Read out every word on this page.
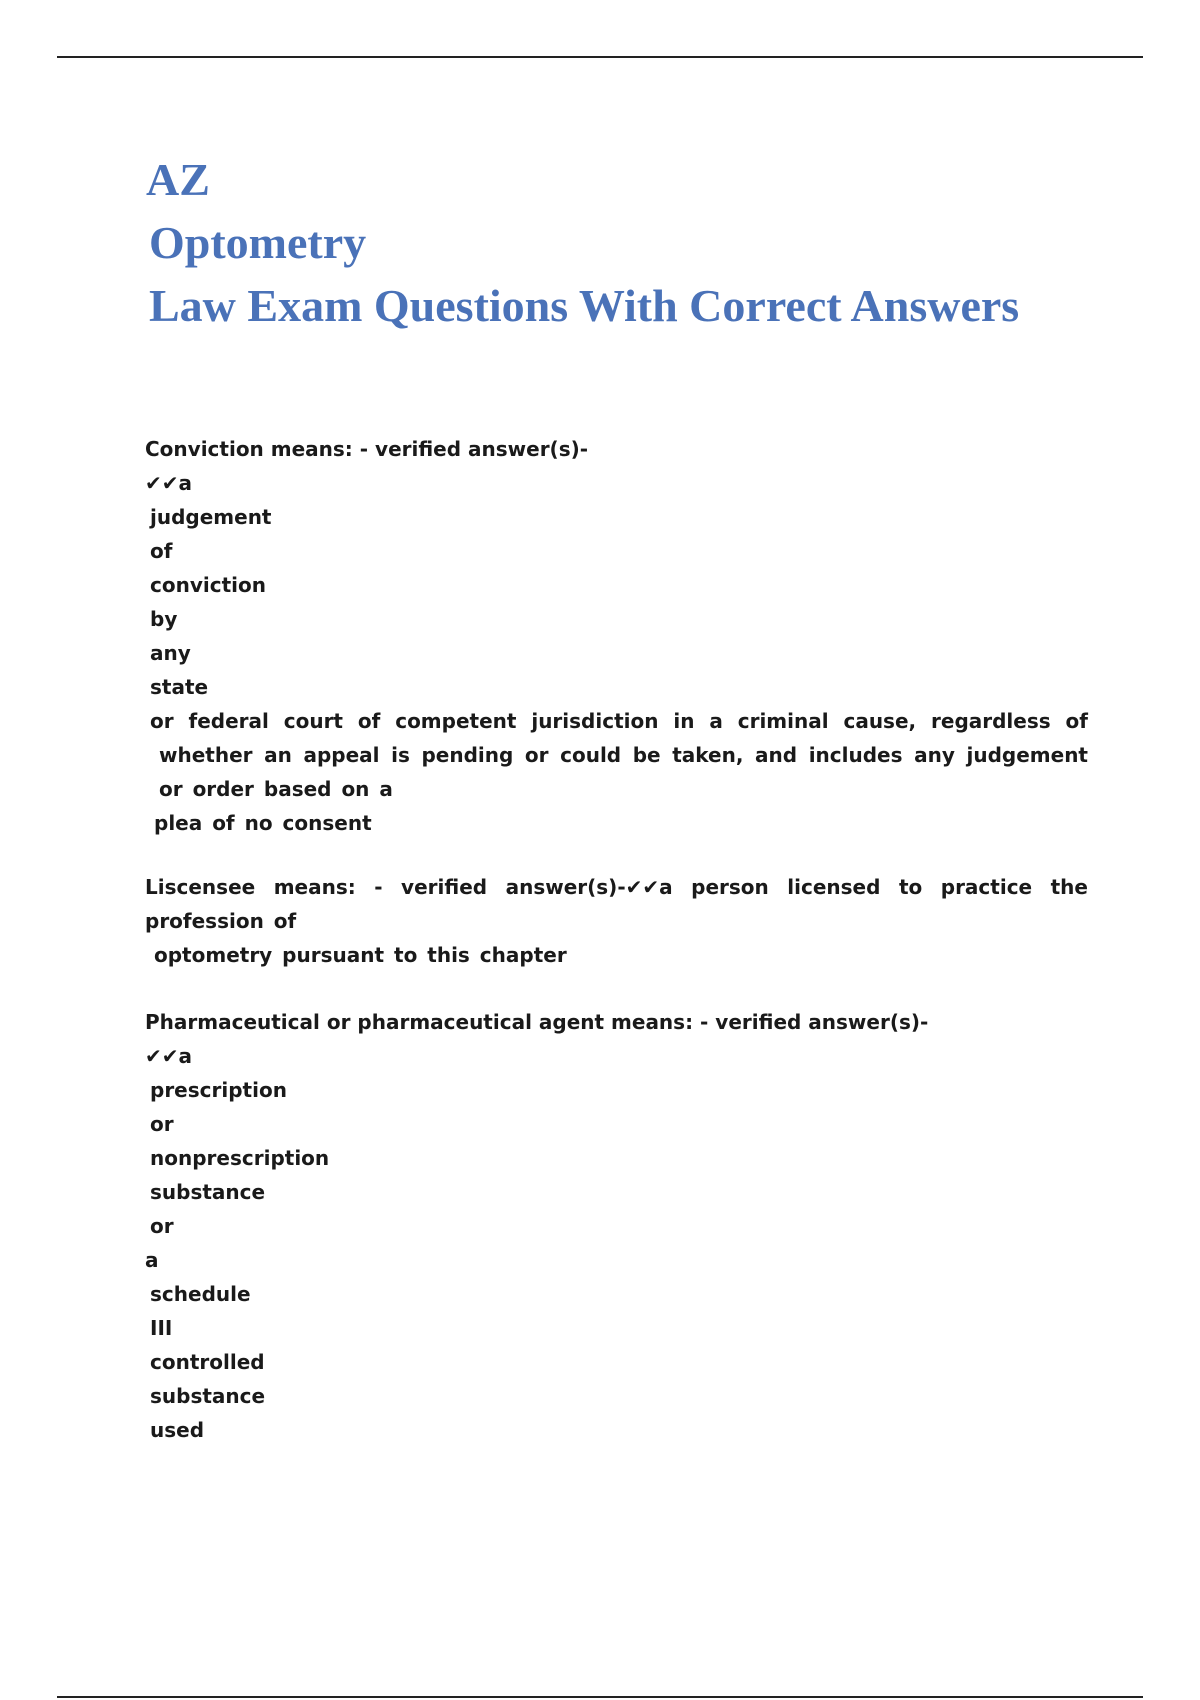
AZ
Optometry
Law Exam Questions With Correct Answers
Conviction means: - verified answer(s)-
✔✔a
judgement
of
conviction
by
any
state
or federal court of competent jurisdiction in a criminal cause, regardless of whether an appeal is pending or could be taken, and includes any judgement or order based on a
plea of no consent
Liscensee means: - verified answer(s)-✔✔a person licensed to practice the profession of
optometry pursuant to this chapter
Pharmaceutical or pharmaceutical agent means: - verified answer(s)-
✔✔a
prescription
or
nonprescription
substance
or
a
schedule
III
controlled
substance
used
